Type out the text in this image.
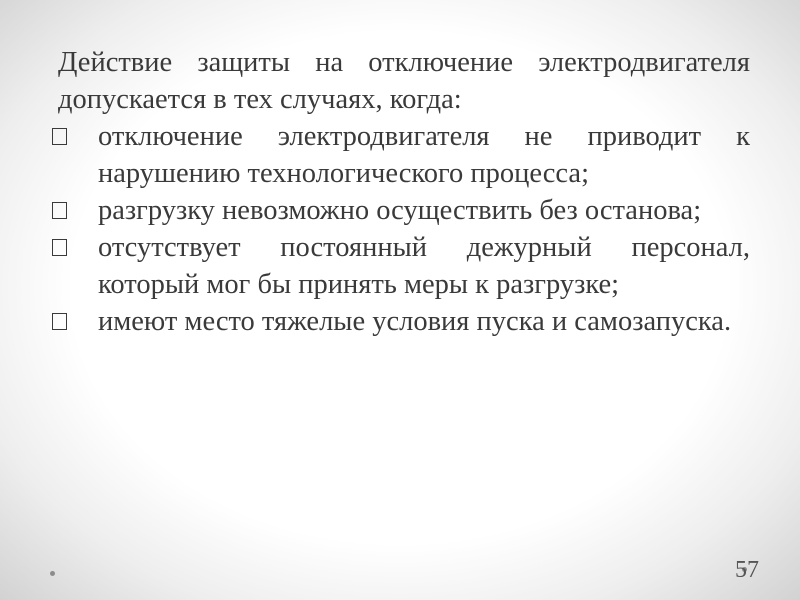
Действие защиты на отключение электродвигателя допускается в тех случаях, когда:
отключение электродвигателя не приводит к нарушению технологического процесса;
разгрузку невозможно осуществить без останова;
отсутствует постоянный дежурный персонал, который мог бы принять меры к разгрузке;
имеют место тяжелые условия пуска и самозапуска.
57
